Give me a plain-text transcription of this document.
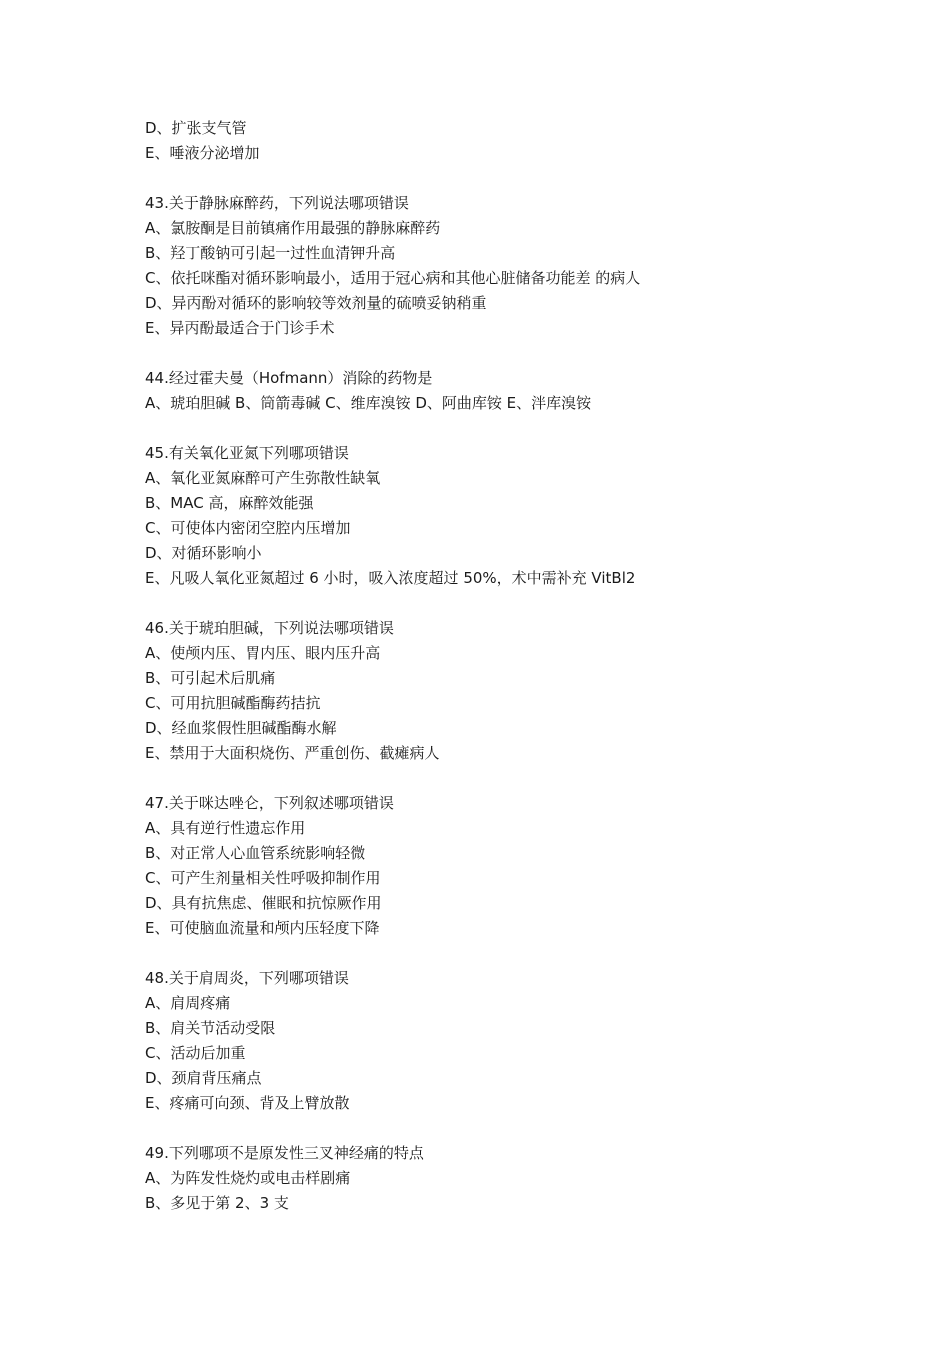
D、扩张支气管
E、唾液分泌增加
43.关于静脉麻醉药，下列说法哪项错误
A、氯胺酮是目前镇痛作用最强的静脉麻醉药
B、羟丁酸钠可引起一过性血清钾升高
C、依托咪酯对循环影响最小，适用于冠心病和其他心脏储备功能差 的病人
D、异丙酚对循环的影响较等效剂量的硫喷妥钠稍重
E、异丙酚最适合于门诊手术
44.经过霍夫曼（Hofmann）消除的药物是
A、琥珀胆碱 B、筒箭毒碱 C、维库溴铵 D、阿曲库铵 E、泮库溴铵
45.有关氧化亚氮下列哪项错误
A、氧化亚氮麻醉可产生弥散性缺氧
B、MAC 高，麻醉效能强
C、可使体内密闭空腔内压增加
D、对循环影响小
E、凡吸人氧化亚氮超过 6 小时，吸入浓度超过 50%，术中需补充 VitBl2
46.关于琥珀胆碱，下列说法哪项错误
A、使颅内压、胃内压、眼内压升高
B、可引起术后肌痛
C、可用抗胆碱酯酶药拮抗
D、经血浆假性胆碱酯酶水解
E、禁用于大面积烧伤、严重创伤、截瘫病人
47.关于咪达唑仑，下列叙述哪项错误
A、具有逆行性遗忘作用
B、对正常人心血管系统影响轻微
C、可产生剂量相关性呼吸抑制作用
D、具有抗焦虑、催眠和抗惊厥作用
E、可使脑血流量和颅内压轻度下降
48.关于肩周炎，下列哪项错误
A、肩周疼痛
B、肩关节活动受限
C、活动后加重
D、颈肩背压痛点
E、疼痛可向颈、背及上臂放散
49.下列哪项不是原发性三叉神经痛的特点
A、为阵发性烧灼或电击样剧痛
B、多见于第 2、3 支
